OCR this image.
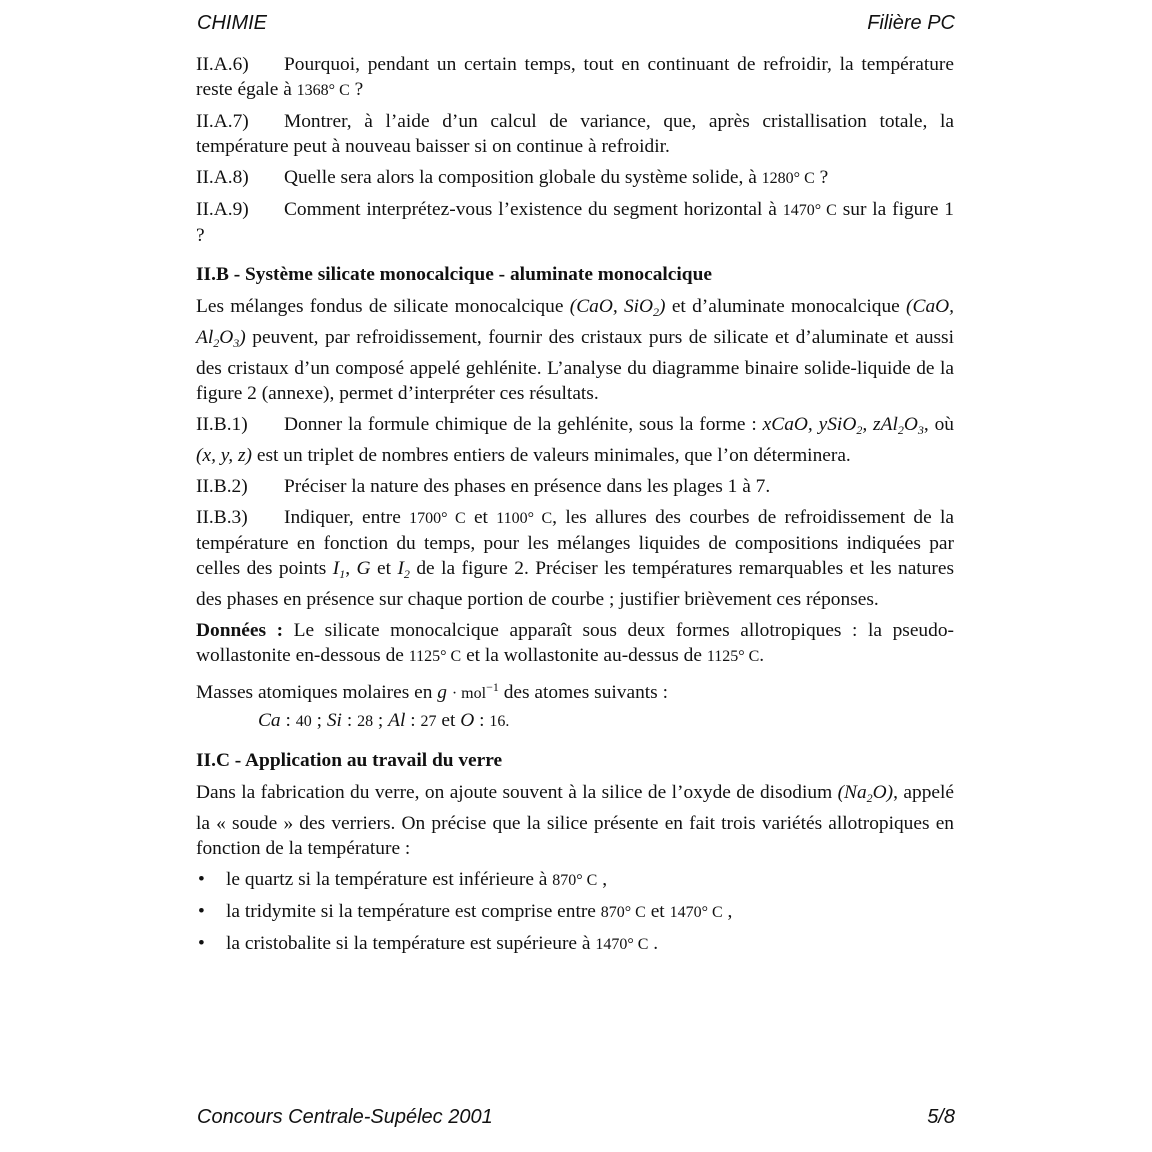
CHIMIE	Filière PC

II.A.6) Pourquoi, pendant un certain temps, tout en continuant de refroidir, la température reste égale à 1368° C ?

II.A.7) Montrer, à l’aide d’un calcul de variance, que, après cristallisation totale, la température peut à nouveau baisser si on continue à refroidir.

II.A.8) Quelle sera alors la composition globale du système solide, à 1280° C ?

II.A.9) Comment interprétez-vous l’existence du segment horizontal à 1470° C sur la figure 1 ?

II.B - Système silicate monocalcique - aluminate monocalcique

Les mélanges fondus de silicate monocalcique (CaO, SiO$_2$) et d’aluminate monocalcique (CaO, $Al_2O_3$) peuvent, par refroidissement, fournir des cristaux purs de silicate et d’aluminate et aussi des cristaux d’un composé appelé gehlénite. L’analyse du diagramme binaire solide-liquide de la figure 2 (annexe), permet d’interpréter ces résultats.

II.B.1) Donner la formule chimique de la gehlénite, sous la forme : xCaO, ySiO$_2$, $zAl_2O_3$, où (x, y, z) est un triplet de nombres entiers de valeurs minimales, que l’on déterminera.

II.B.2) Préciser la nature des phases en présence dans les plages 1 à 7.

II.B.3) Indiquer, entre 1700° C et 1100° C, les allures des courbes de refroidissement de la température en fonction du temps, pour les mélanges liquides de compositions indiquées par celles des points $I_1$, G et $I_2$ de la figure 2. Préciser les températures remarquables et les natures des phases en présence sur chaque portion de courbe ; justifier brièvement ces réponses.

Données : Le silicate monocalcique apparaît sous deux formes allotropiques : la pseudo-wollastonite en-dessous de 1125° C et la wollastonite au-dessus de 1125° C.

Masses atomiques molaires en g · mol$^{-1}$ des atomes suivants :

Ca : 40 ; Si : 28 ; Al : 27 et O : 16.

II.C - Application au travail du verre

Dans la fabrication du verre, on ajoute souvent à la silice de l’oxyde de disodium $(Na_2O)$, appelé la « soude » des verriers. On précise que la silice présente en fait trois variétés allotropiques en fonction de la température :

• le quartz si la température est inférieure à 870° C ,
• la tridymite si la température est comprise entre 870° C et 1470° C ,
• la cristobalite si la température est supérieure à 1470° C .
Concours Centrale-Supélec 2001	5/8
